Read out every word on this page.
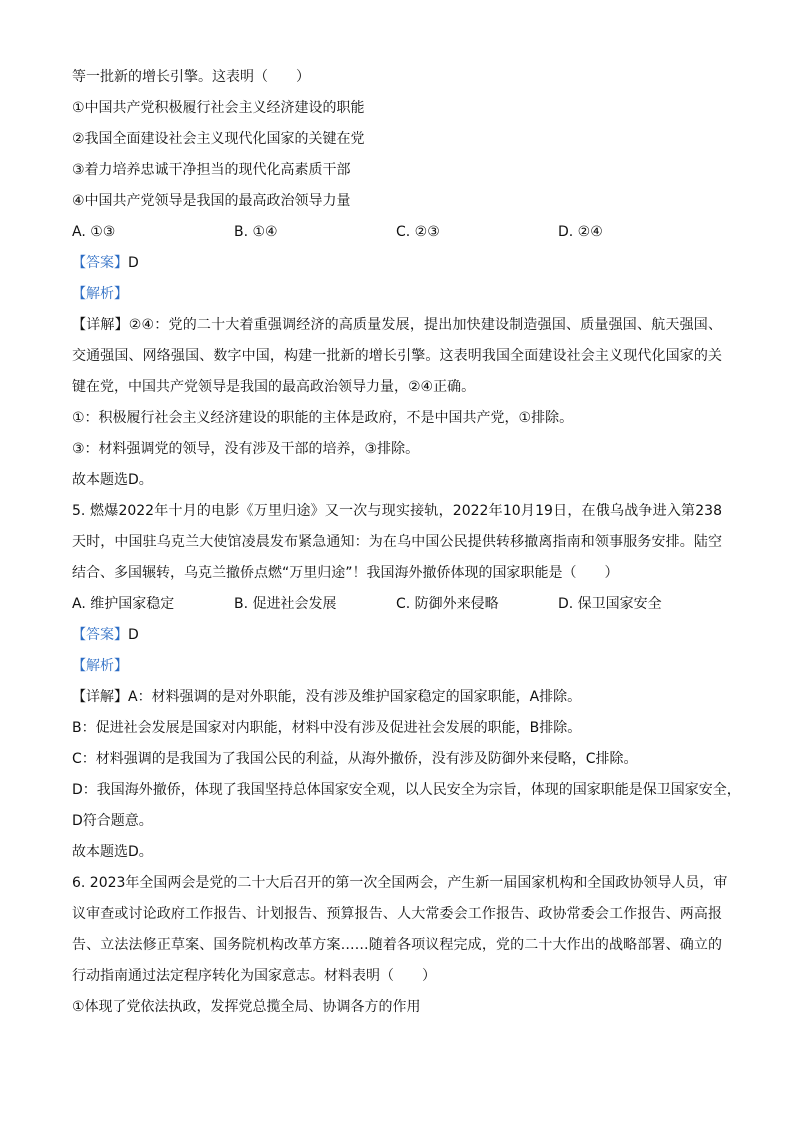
等一批新的增长引擎。这表明（　　）
①中国共产党积极履行社会主义经济建设的职能
②我国全面建设社会主义现代化国家的关键在党
③着力培养忠诚干净担当的现代化高素质干部
④中国共产党领导是我国的最高政治领导力量
A. ①③	B. ①④	C. ②③	D. ②④
【答案】D
【解析】
【详解】②④：党的二十大着重强调经济的高质量发展，提出加快建设制造强国、质量强国、航天强国、
交通强国、网络强国、数字中国，构建一批新的增长引擎。这表明我国全面建设社会主义现代化国家的关
键在党，中国共产党领导是我国的最高政治领导力量，②④正确。
①：积极履行社会主义经济建设的职能的主体是政府，不是中国共产党，①排除。
③：材料强调党的领导，没有涉及干部的培养，③排除。
故本题选D。
5. 燃爆2022年十月的电影《万里归途》又一次与现实接轨，2022年10月19日，在俄乌战争进入第238
天时，中国驻乌克兰大使馆凌晨发布紧急通知：为在乌中国公民提供转移撤离指南和领事服务安排。陆空
结合、多国辗转，乌克兰撤侨点燃“万里归途”！我国海外撤侨体现的国家职能是（　　）
A. 维护国家稳定	B. 促进社会发展	C. 防御外来侵略	D. 保卫国家安全
【答案】D
【解析】
【详解】A：材料强调的是对外职能，没有涉及维护国家稳定的国家职能，A排除。
B：促进社会发展是国家对内职能，材料中没有涉及促进社会发展的职能，B排除。
C：材料强调的是我国为了我国公民的利益，从海外撤侨，没有涉及防御外来侵略，C排除。
D：我国海外撤侨，体现了我国坚持总体国家安全观，以人民安全为宗旨，体现的国家职能是保卫国家安全，
D符合题意。
故本题选D。
6. 2023年全国两会是党的二十大后召开的第一次全国两会，产生新一届国家机构和全国政协领导人员，审
议审查或讨论政府工作报告、计划报告、预算报告、人大常委会工作报告、政协常委会工作报告、两高报
告、立法法修正草案、国务院机构改革方案……随着各项议程完成，党的二十大作出的战略部署、确立的
行动指南通过法定程序转化为国家意志。材料表明（　　）
①体现了党依法执政，发挥党总揽全局、协调各方的作用
